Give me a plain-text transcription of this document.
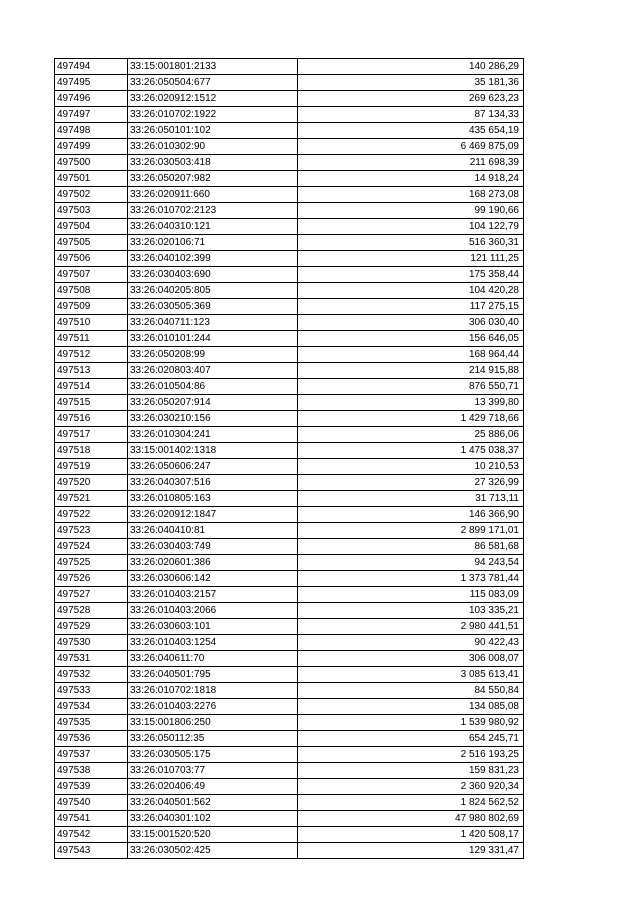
497494	33:15:001801:2133	140 286,29
497495	33:26:050504:677	35 181,36
497496	33:26:020912:1512	269 623,23
497497	33:26:010702:1922	87 134,33
497498	33:26:050101:102	435 654,19
497499	33:26:010302:90	6 469 875,09
497500	33:26:030503:418	211 698,39
497501	33:26:050207:982	14 918,24
497502	33:26:020911:660	168 273,08
497503	33:26:010702:2123	99 190,66
497504	33:26:040310:121	104 122,79
497505	33:26:020106:71	516 360,31
497506	33:26:040102:399	121 111,25
497507	33:26:030403:690	175 358,44
497508	33:26:040205:805	104 420,28
497509	33:26:030505:369	117 275,15
497510	33:26:040711:123	306 030,40
497511	33:26:010101:244	156 646,05
497512	33:26:050208:99	168 964,44
497513	33:26:020803:407	214 915,88
497514	33:26:010504:86	876 550,71
497515	33:26:050207:914	13 399,80
497516	33:26:030210:156	1 429 718,66
497517	33:26:010304:241	25 886,06
497518	33:15:001402:1318	1 475 038,37
497519	33:26:050606:247	10 210,53
497520	33:26:040307:516	27 326,99
497521	33:26:010805:163	31 713,11
497522	33:26:020912:1847	146 366,90
497523	33:26:040410:81	2 899 171,01
497524	33:26:030403:749	86 581,68
497525	33:26:020601:386	94 243,54
497526	33:26:030606:142	1 373 781,44
497527	33:26:010403:2157	115 083,09
497528	33:26:010403:2066	103 335,21
497529	33:26:030603:101	2 980 441,51
497530	33:26:010403:1254	90 422,43
497531	33:26:040611:70	306 008,07
497532	33:26:040501:795	3 085 613,41
497533	33:26:010702:1818	84 550,84
497534	33:26:010403:2276	134 085,08
497535	33:15:001806:250	1 539 980,92
497536	33:26:050112:35	654 245,71
497537	33:26:030505:175	2 516 193,25
497538	33:26:010703:77	159 831,23
497539	33:26:020406:49	2 360 920,34
497540	33:26:040501:562	1 824 562,52
497541	33:26:040301:102	47 980 802,69
497542	33:15:001520:520	1 420 508,17
497543	33:26:030502:425	129 331,47
